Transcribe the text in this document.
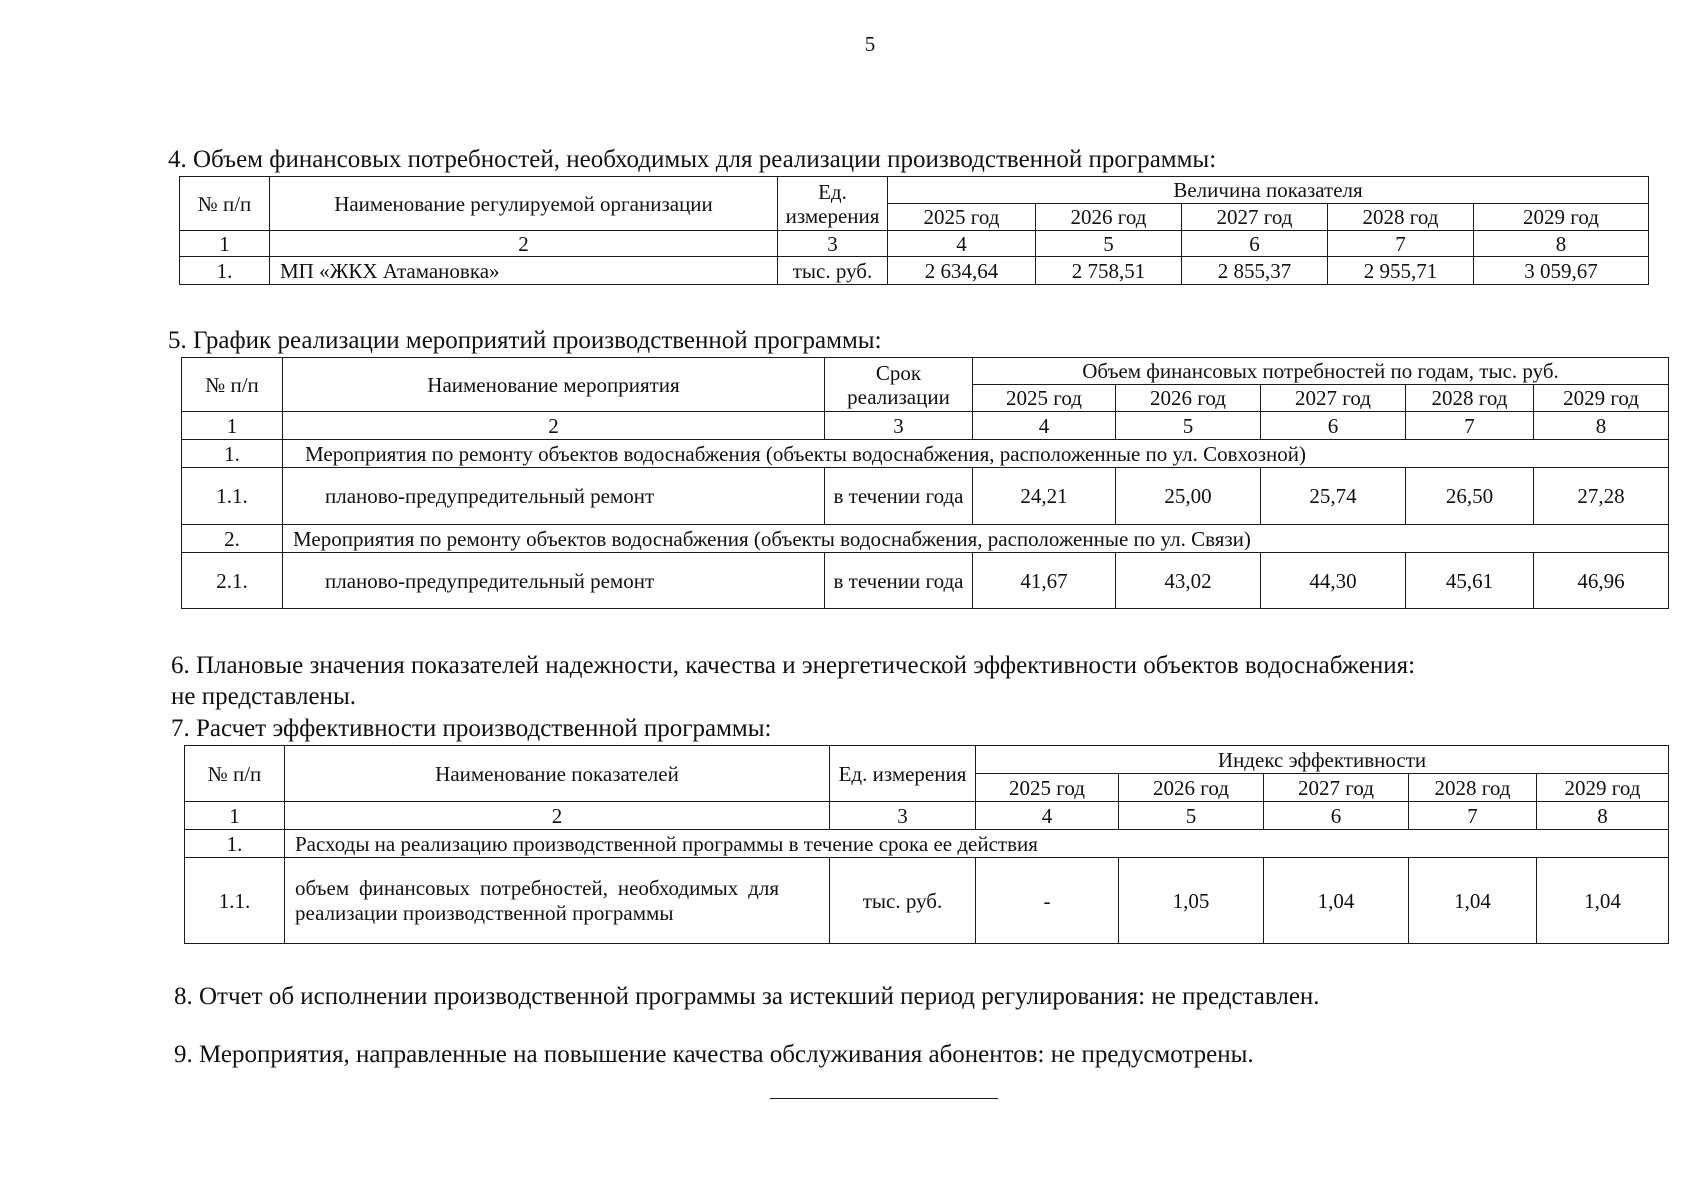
5
4. Объем финансовых потребностей, необходимых для реализации производственной программы:
№ п/п	Наименование регулируемой организации	Ед. измерения	Величина показателя				
			2025 год	2026 год	2027 год	2028 год	2029 год
1	2	3	4	5	6	7	8
1.	МП «ЖКХ Атамановка»	тыс. руб.	2 634,64	2 758,51	2 855,37	2 955,71	3 059,67
5. График реализации мероприятий производственной программы:
№ п/п	Наименование мероприятия	Срок реализации	Объем финансовых потребностей по годам, тыс. руб.				
			2025 год	2026 год	2027 год	2028 год	2029 год
1	2	3	4	5	6	7	8
1.	Мероприятия по ремонту объектов водоснабжения (объекты водоснабжения, расположенные по ул. Совхозной)						
1.1.	планово-предупредительный ремонт	в течении года	24,21	25,00	25,74	26,50	27,28
2.	Мероприятия по ремонту объектов водоснабжения (объекты водоснабжения, расположенные по ул. Связи)						
2.1.	планово-предупредительный ремонт	в течении года	41,67	43,02	44,30	45,61	46,96
6. Плановые значения показателей надежности, качества и энергетической эффективности объектов водоснабжения:
не представлены.
7. Расчет эффективности производственной программы:
№ п/п	Наименование показателей	Ед. измерения	Индекс эффективности				
			2025 год	2026 год	2027 год	2028 год	2029 год
1	2	3	4	5	6	7	8
1.	Расходы на реализацию производственной программы в течение срока ее действия						
1.1.	объем финансовых потребностей, необходимых для реализации производственной программы	тыс. руб.	-	1,05	1,04	1,04	1,04
8. Отчет об исполнении производственной программы за истекший период регулирования: не представлен.
9. Мероприятия, направленные на повышение качества обслуживания абонентов: не предусмотрены.
